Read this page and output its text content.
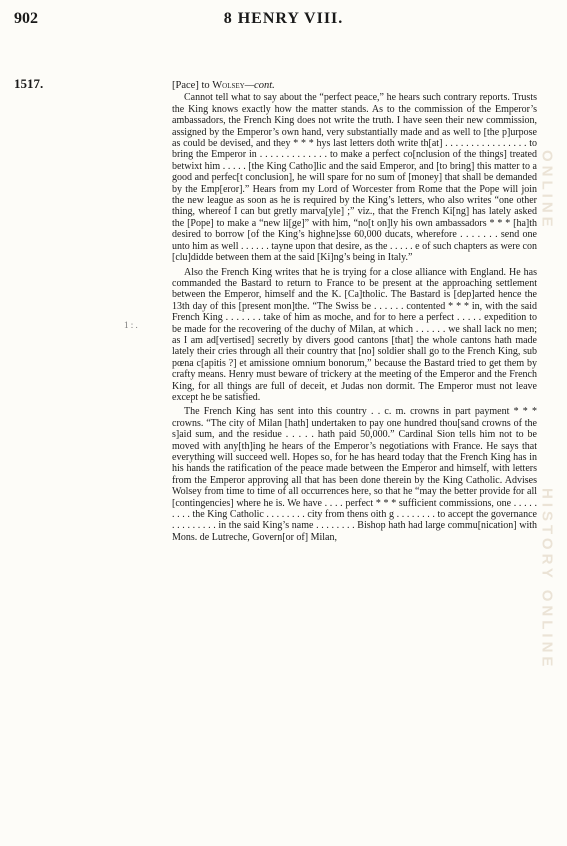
902	8 HENRY VIII.
1517.
1 : .
ONLINE
HISTORY ONLINE

[Pace] to Wolsey—cont.

Cannot tell what to say about the “perfect peace,” he hears such contrary reports. Trusts the King knows exactly how the matter stands. As to the commission of the Emperor’s ambassadors, the French King does not write the truth. I have seen their new commission, assigned by the Emperor’s own hand, very substantially made and as well to [the p]urpose as could be devised, and they * * * hys last letters doth write th[at] . . . . . . . . . . . . . . . . to bring the Emperor in . . . . . . . . . . . . . to make a perfect co[nclusion of the things] treated betwixt him . . . . . [the King Catho]lic and the said Emperor, and [to bring] this matter to a good and perfec[t conclusion], he will spare for no sum of [money] that shall be demanded by the Emp[eror].” Hears from my Lord of Worcester from Rome that the Pope will join the new league as soon as he is required by the King’s letters, who also writes “one other thing, whereof I can but gretly marva[yle] ;” viz., that the French Ki[ng] has lately asked the [Pope] to make a “new li[ge]” with him, “no[t on]ly his own ambassadors * * * [ha]th desired to borrow [of the King’s highne]sse 60,000 ducats, wherefore . . . . . . . send one unto him as well . . . . . . tayne upon that desire, as the . . . . . e of such chapters as were con [clu]didde between them at the said [Ki]ng’s being in Italy.”

Also the French King writes that he is trying for a close alliance with England. He has commanded the Bastard to return to France to be present at the approaching settlement between the Emperor, himself and the K. [Ca]tholic. The Bastard is [dep]arted hence the 13th day of this [present mon]the. “The Swiss be . . . . . . contented * * * in, with the said French King . . . . . . . take of him as moche, and for to here a perfect . . . . . expedition to be made for the recovering of the duchy of Milan, at which . . . . . . we shall lack no men; as I am ad[vertised] secretly by divers good cantons [that] the whole cantons hath made lately their cries through all their country that [no] soldier shall go to the French King, sub pœna c[apitis ?] et amissione omnium bonorum,” because the Bastard tried to get them by crafty means. Henry must beware of trickery at the meeting of the Emperor and the French King, for all things are full of deceit, et Judas non dormit. The Emperor must not leave except he be satisfied.

The French King has sent into this country . . c. m. crowns in part payment * * * crowns. “The city of Milan [hath] undertaken to pay one hundred thou[sand crowns of the s]aid sum, and the residue . . . . . hath paid 50,000.” Cardinal Sion tells him not to be moved with any[th]ing he hears of the Emperor’s negotiations with France. He says that everything will succeed well. Hopes so, for he has heard today that the French King has in his hands the ratification of the peace made between the Emperor and himself, with letters from the Emperor approving all that has been done therein by the King Catholic. Advises Wolsey from time to time of all occurrences here, so that he “may the better provide for all [contingencies] where he is. We have . . . . perfect * * * sufficient commissions, one . . . . . . . . . the King Catholic . . . . . . . . city from thens oith g . . . . . . . . to accept the governance . . . . . . . . . in the said King’s name . . . . . . . . Bishop hath had large commu[nication] with Mons. de Lutreche, Govern[or of] Milan,
